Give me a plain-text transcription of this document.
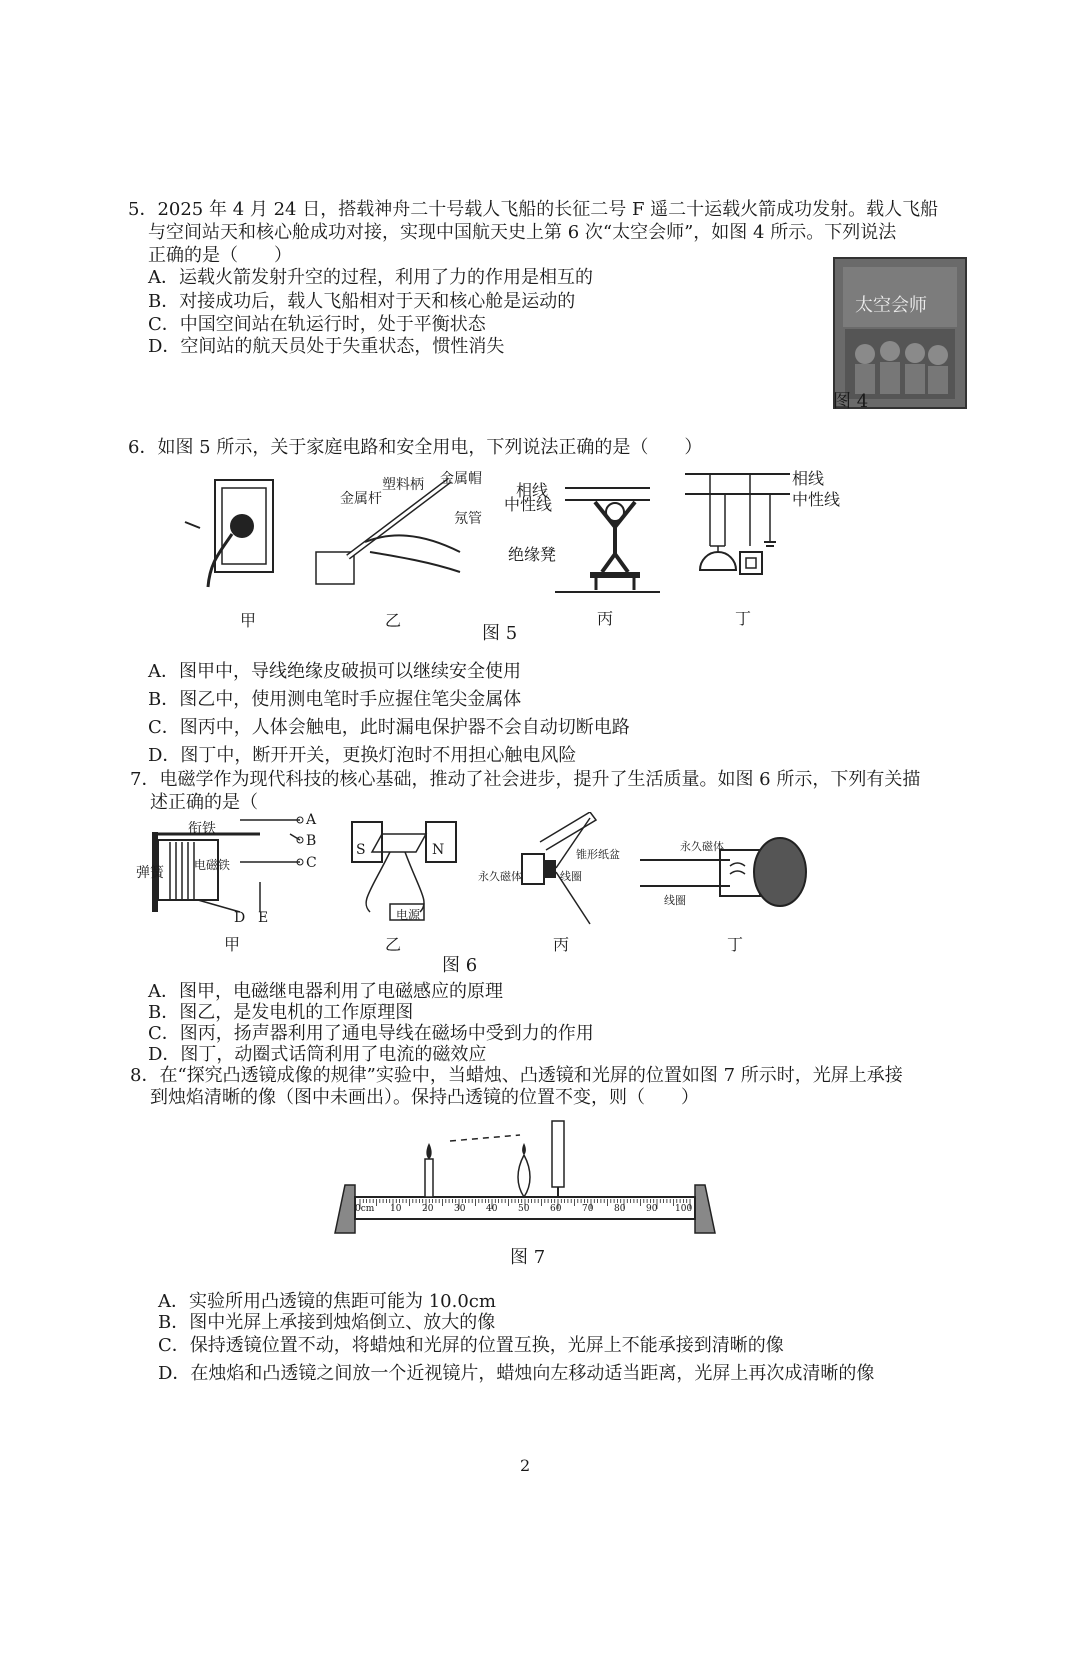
5．2025 年 4 月 24 日，搭载神舟二十号载人飞船的长征二号 F 遥二十运载火箭成功发射。载人飞船
与空间站天和核心舱成功对接，实现中国航天史上第 6 次“太空会师”，如图 4 所示。下列说法
正确的是（　　）
A．运载火箭发射升空的过程，利用了力的作用是相互的
B．对接成功后，载人飞船相对于天和核心舱是运动的
C．中国空间站在轨运行时，处于平衡状态
D．空间站的航天员处于失重状态，惯性消失
太空会师
图 4
6．如图 5 所示，关于家庭电路和安全用电，下列说法正确的是（　　）
金属帽
塑料柄
金属杆
氖管
相线
中性线
绝缘凳
相线
中性线
甲	乙	丙	丁
图 5
A．图甲中，导线绝缘皮破损可以继续安全使用
B．图乙中，使用测电笔时手应握住笔尖金属体
C．图丙中，人体会触电，此时漏电保护器不会自动切断电路
D．图丁中，断开开关，更换灯泡时不用担心触电风险
7．电磁学作为现代科技的核心基础，推动了社会进步，提升了生活质量。如图 6 所示，下列有关描
述正确的是（
衔铁
弹簧	电磁铁
A
B
C
D E
S	N
电源
永久磁体	线圈
锥形纸盆
永久磁体
线圈
甲	乙	丙	丁
图 6
A．图甲，电磁继电器利用了电磁感应的原理
B．图乙，是发电机的工作原理图
C．图丙，扬声器利用了通电导线在磁场中受到力的作用
D．图丁，动圈式话筒利用了电流的磁效应
8．在“探究凸透镜成像的规律”实验中，当蜡烛、凸透镜和光屏的位置如图 7 所示时，光屏上承接
到烛焰清晰的像（图中未画出）。保持凸透镜的位置不变，则（　　）
0cm 10 20 30 40 50 60 70 80 90 100
图 7
A．实验所用凸透镜的焦距可能为 10.0cm
B．图中光屏上承接到烛焰倒立、放大的像
C．保持透镜位置不动，将蜡烛和光屏的位置互换，光屏上不能承接到清晰的像
D．在烛焰和凸透镜之间放一个近视镜片，蜡烛向左移动适当距离，光屏上再次成清晰的像
2
